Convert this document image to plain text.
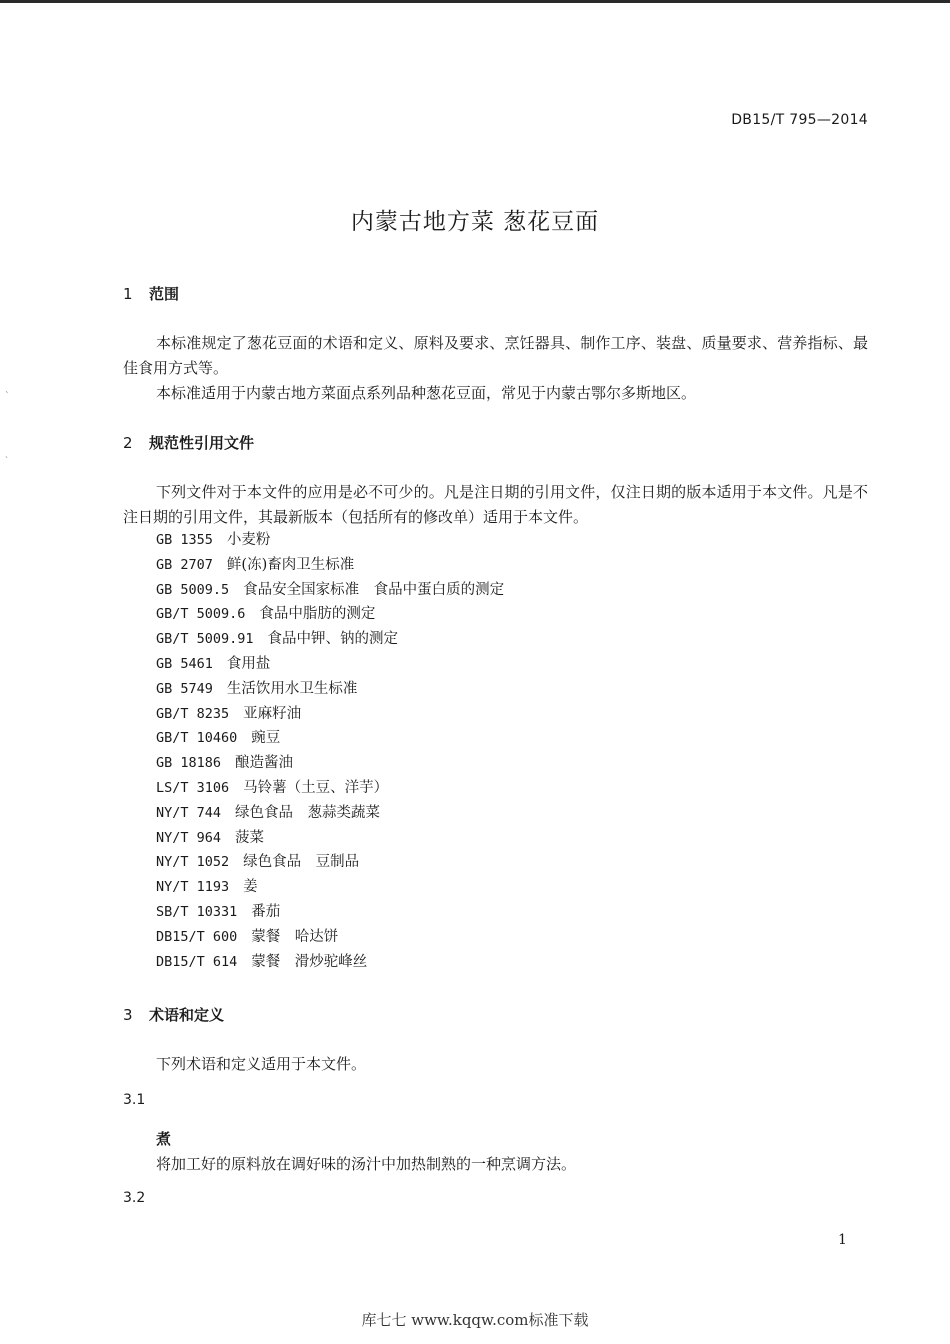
DB15/T 795—2014
内蒙古地方菜 葱花豆面
1 范围
本标准规定了葱花豆面的术语和定义、原料及要求、烹饪器具、制作工序、装盘、质量要求、营养指标、最佳食用方式等。
本标准适用于内蒙古地方菜面点系列品种葱花豆面，常见于内蒙古鄂尔多斯地区。
2 规范性引用文件
下列文件对于本文件的应用是必不可少的。凡是注日期的引用文件，仅注日期的版本适用于本文件。凡是不注日期的引用文件，其最新版本（包括所有的修改单）适用于本文件。
GB 1355 小麦粉
GB 2707 鲜(冻)畜肉卫生标准
GB 5009.5 食品安全国家标准　食品中蛋白质的测定
GB/T 5009.6 食品中脂肪的测定
GB/T 5009.91 食品中钾、钠的测定
GB 5461 食用盐
GB 5749 生活饮用水卫生标准
GB/T 8235 亚麻籽油
GB/T 10460 豌豆
GB 18186 酿造酱油
LS/T 3106 马铃薯（土豆、洋芋）
NY/T 744 绿色食品　葱蒜类蔬菜
NY/T 964 菠菜
NY/T 1052 绿色食品　豆制品
NY/T 1193 姜
SB/T 10331 番茄
DB15/T 600 蒙餐　哈达饼
DB15/T 614 蒙餐　滑炒驼峰丝
3 术语和定义
下列术语和定义适用于本文件。
3.1
煮
将加工好的原料放在调好味的汤汁中加热制熟的一种烹调方法。
3.2
1
库七七 www.kqqw.com标准下载
ˋ
ˏ
